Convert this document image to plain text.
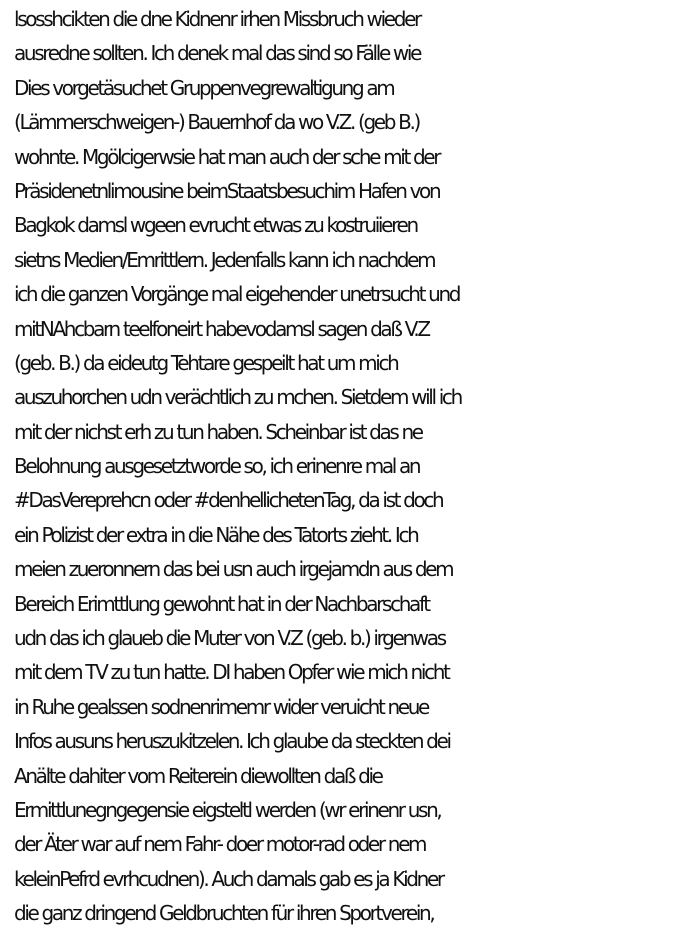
lsosshcikten die dne Kidnenr irhen Missbruch wieder
ausredne sollten. Ich denek mal das sind so Fälle wie
Dies vorgetäsuchet Gruppenvegrewaltigung am
(Lämmerschweigen-) Bauernhof da wo V.Z. (geb B.)
wohnte. Mgölcigerwsie hat man auch der sche mit der
Präsidenetnlimousine beimStaatsbesuchim Hafen von
Bagkok damsl wgeen evrucht etwas zu kostruiieren
sietns Medien/Emrittlern. Jedenfalls kann ich nachdem
ich die ganzen Vorgänge mal eigehender unetrsucht und
mitNAhcbarn teelfoneirt habevodamsl sagen daß V.Z
(geb. B.) da eideutg Tehtare gespeilt hat um mich
auszuhorchen udn verächtlich zu mchen. Sietdem will ich
mit der nichst erh zu tun haben. Scheinbar ist das ne
Belohnung ausgesetztworde so, ich erinenre mal an
#DasVereprehcn oder #denhellichetenTag, da ist doch
ein Polizist der extra in die Nähe des Tatorts zieht. Ich
meien zueronnern das bei usn auch irgejamdn aus dem
Bereich Erimttlung gewohnt hat in der Nachbarschaft
udn das ich glaueb die Muter von V.Z (geb. b.) irgenwas
mit dem TV zu tun hatte. DI haben Opfer wie mich nicht
in Ruhe gealssen sodnenrimemr wider veruicht neue
Infos ausuns heruszukitzelen. Ich glaube da steckten dei
Anälte dahiter vom Reiterein diewollten daß die
Ermittlunegngegensie eigsteltl werden (wr erinenr usn,
der Äter war auf nem Fahr- doer motor-rad oder nem
keleinPefrd evrhcudnen). Auch damals gab es ja Kidner
die ganz dringend Geldbruchten für ihren Sportverein,
